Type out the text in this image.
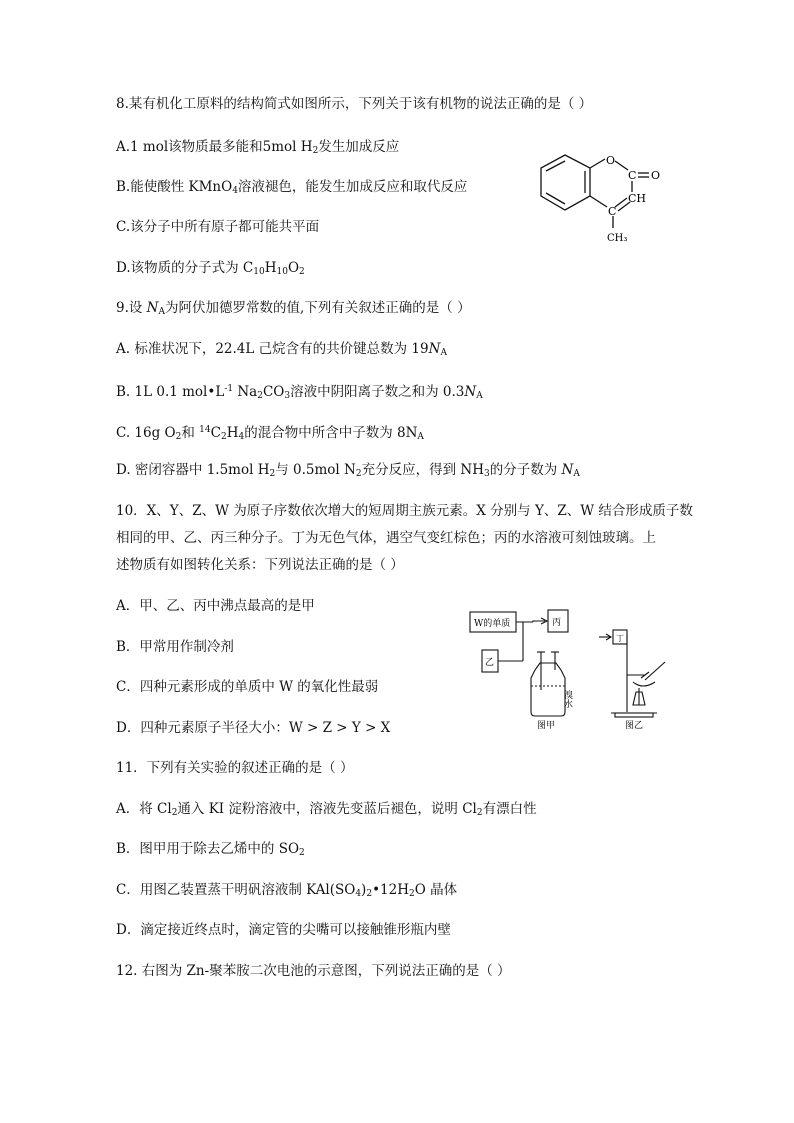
8.某有机化工原料的结构简式如图所示，下列关于该有机物的说法正确的是（ ）
A.1 mol该物质最多能和5mol $H_2$发生加成反应
B.能使酸性 KMnO$_4$溶液褪色，能发生加成反应和取代反应
C.该分子中所有原子都可能共平面
D.该物质的分子式为 $C_{10}H_{10}O_2$
O
C O
CH
C
CH₃
9.设 $N_A$为阿伏加德罗常数的值,下列有关叙述正确的是（ ）
A. 标准状况下，22.4L 己烷含有的共价键总数为 $19N_A$
B. 1L 0.1 $mol•L^{-1}$ $Na_2CO_3$溶液中阴阳离子数之和为 $0.3N_A$
C. 16g $O_2$和 $^{14}C_2H_4$的混合物中所含中子数为 $8N_A$
D. 密闭容器中 1.5mol $H_2$与 0.5mol $N_2$充分反应，得到 $NH_3$的分子数为 $N_A$
10．X、Y、Z、W 为原子序数依次增大的短周期主族元素。X 分别与 Y、Z、W 结合形成质子数
相同的甲、乙、丙三种分子。丁为无色气体，遇空气变红棕色；丙的水溶液可刻蚀玻璃。上
述物质有如图转化关系：下列说法正确的是（ ）
A．甲、乙、丙中沸点最高的是甲
B．甲常用作制冷剂
C．四种元素形成的单质中 W 的氧化性最弱
D．四种元素原子半径大小：W > Z > Y > X
W的单质	丙
乙
丁
溴水
图甲	图乙
11．下列有关实验的叙述正确的是（ ）
A．将 $Cl_2$通入 KI 淀粉溶液中，溶液先变蓝后褪色，说明 $Cl_2$有漂白性
B．图甲用于除去乙烯中的 $SO_2$
C．用图乙装置蒸干明矾溶液制 $KAl(SO_4)_2•12H_2O$ 晶体
D．滴定接近终点时，滴定管的尖嘴可以接触锥形瓶内壁
12. 右图为 Zn-聚苯胺二次电池的示意图，下列说法正确的是（ ）
